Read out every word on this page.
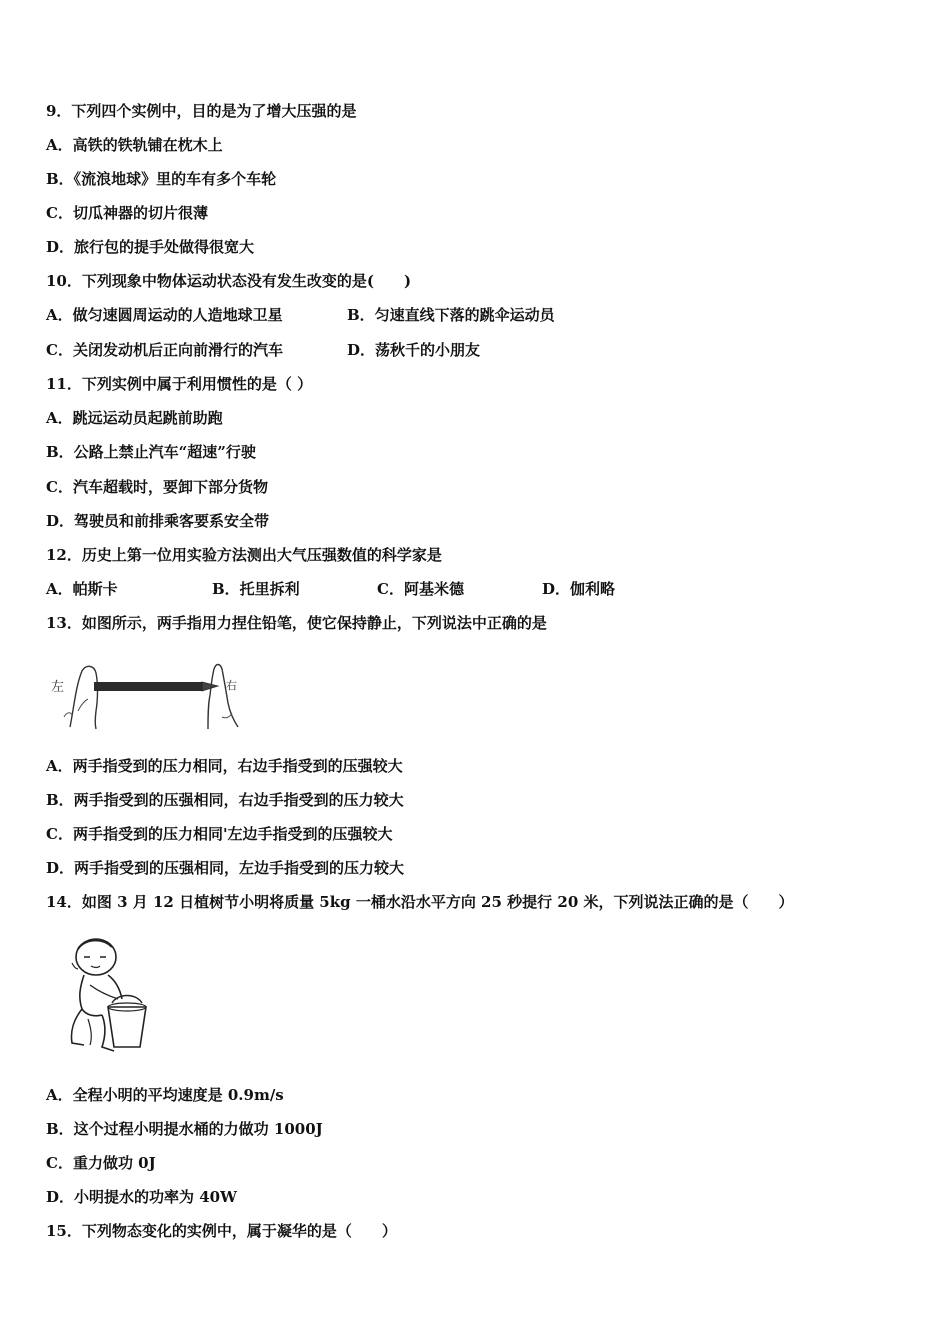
9．下列四个实例中，目的是为了增大压强的是
A．高铁的铁轨铺在枕木上
B．《流浪地球》里的车有多个车轮
C．切瓜神器的切片很薄
D．旅行包的提手处做得很宽大
10．下列现象中物体运动状态没有发生改变的是(　　)
A．做匀速圆周运动的人造地球卫星	B．匀速直线下落的跳伞运动员
C．关闭发动机后正向前滑行的汽车	D．荡秋千的小朋友
11．下列实例中属于利用惯性的是（ ）
A．跳远运动员起跳前助跑
B．公路上禁止汽车“超速”行驶
C．汽车超载时，要卸下部分货物
D．驾驶员和前排乘客要系安全带
12．历史上第一位用实验方法测出大气压强数值的科学家是
A．帕斯卡	B．托里拆利	C．阿基米德	D．伽利略
13．如图所示，两手指用力捏住铅笔，使它保持静止，下列说法中正确的是
左	右
A．两手指受到的压力相同，右边手指受到的压强较大
B．两手指受到的压强相同，右边手指受到的压力较大
C．两手指受到的压力相同'左边手指受到的压强较大
D．两手指受到的压强相同，左边手指受到的压力较大
14．如图 3 月 12 日植树节小明将质量 5kg 一桶水沿水平方向 25 秒提行 20 米，下列说法正确的是（　　）
A．全程小明的平均速度是 0.9m/s
B．这个过程小明提水桶的力做功 1000J
C．重力做功 0J
D．小明提水的功率为 40W
15．下列物态变化的实例中，属于凝华的是（　　）
